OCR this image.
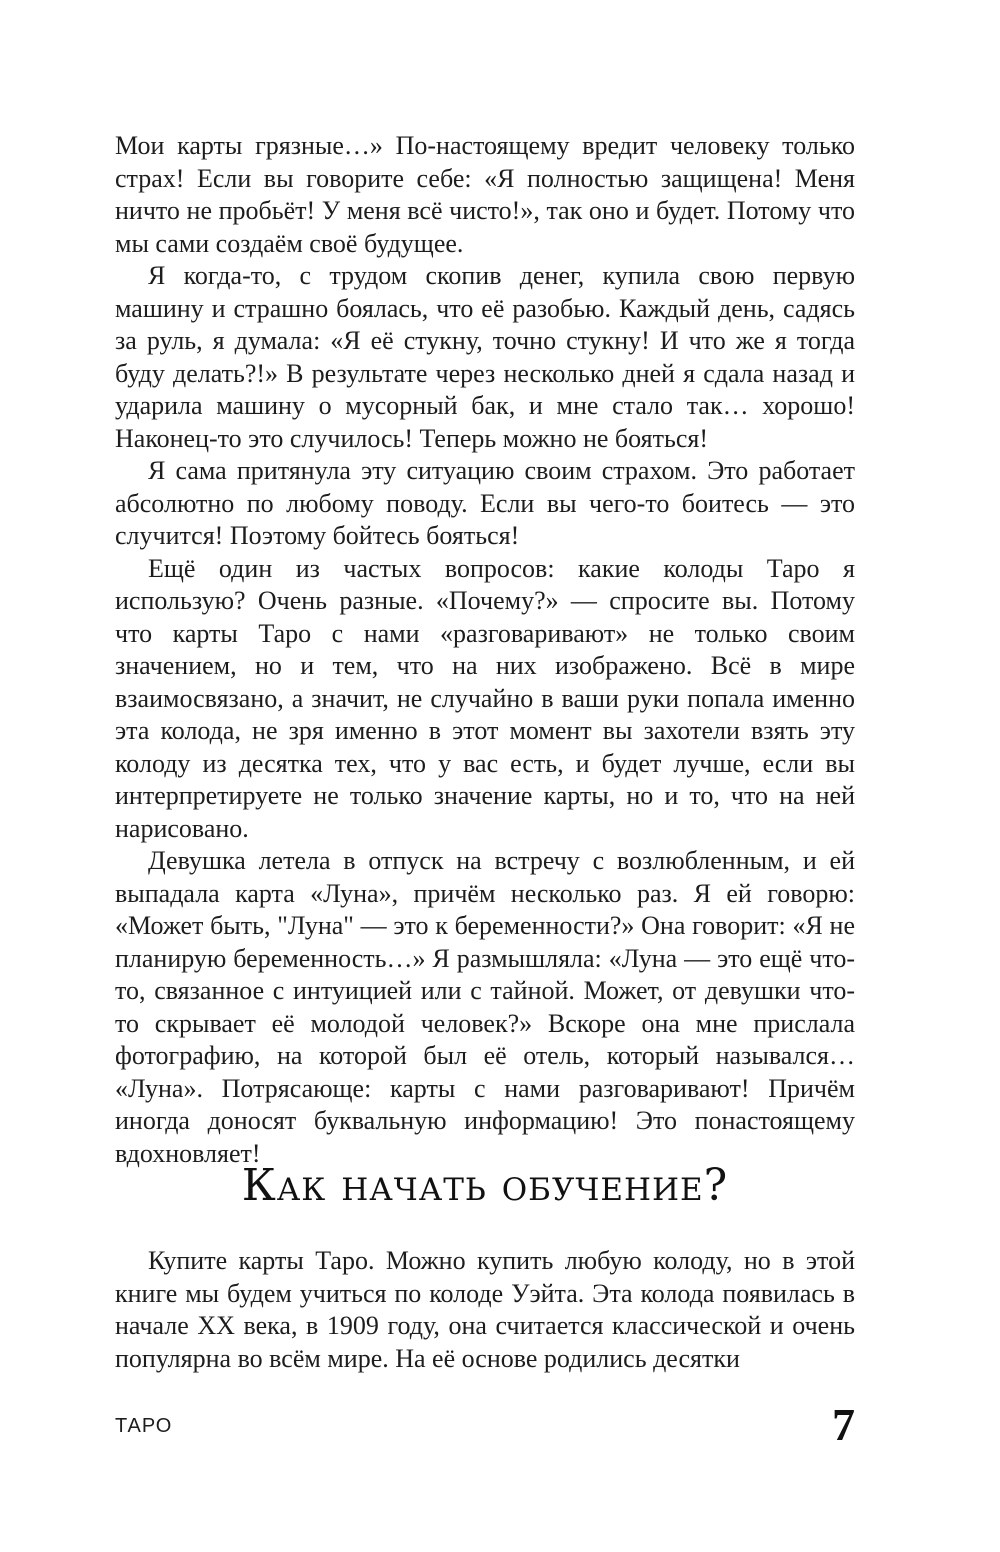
Мои карты грязные…» По-настоящему вредит человеку только страх! Если вы говорите себе: «Я полностью защищена! Меня ничто не пробьёт! У меня всё чисто!», так оно и будет. Потому что мы сами создаём своё будущее.

Я когда-то, с трудом скопив денег, купила свою первую машину и страшно боялась, что её разобью. Каждый день, садясь за руль, я думала: «Я её стукну, точно стукну! И что же я тогда буду делать?!» В результате через несколько дней я сдала назад и ударила машину о мусорный бак, и мне стало так… хорошо! Наконец-то это случилось! Теперь можно не бояться!

Я сама притянула эту ситуацию своим страхом. Это работает абсолютно по любому поводу. Если вы чего-то боитесь — это случится! Поэтому бойтесь бояться!

Ещё один из частых вопросов: какие колоды Таро я использую? Очень разные. «Почему?» — спросите вы. Потому что карты Таро с нами «разговаривают» не только своим значением, но и тем, что на них изображено. Всё в мире взаимосвязано, а значит, не случайно в ваши руки попала именно эта колода, не зря именно в этот момент вы захотели взять эту колоду из десятка тех, что у вас есть, и будет лучше, если вы интерпретируете не только значение карты, но и то, что на ней нарисовано.

Девушка летела в отпуск на встречу с возлюбленным, и ей выпадала карта «Луна», причём несколько раз. Я ей говорю: «Может быть, "Луна" — это к беременности?» Она говорит: «Я не планирую беременность…» Я размышляла: «Луна — это ещё что-то, связанное с интуицией или с тайной. Может, от девушки что-то скрывает её молодой человек?» Вскоре она мне прислала фотографию, на которой был её отель, который назывался… «Луна». Потрясающе: карты с нами разговаривают! Причём иногда доносят буквальную информацию! Это понастоящему вдохновляет!

Как начать обучение?

Купите карты Таро. Можно купить любую колоду, но в этой книге мы будем учиться по колоде Уэйта. Эта колода появилась в начале XX века, в 1909 году, она считается классической и очень популярна во всём мире. На её основе родились десятки

ТАРО	7
